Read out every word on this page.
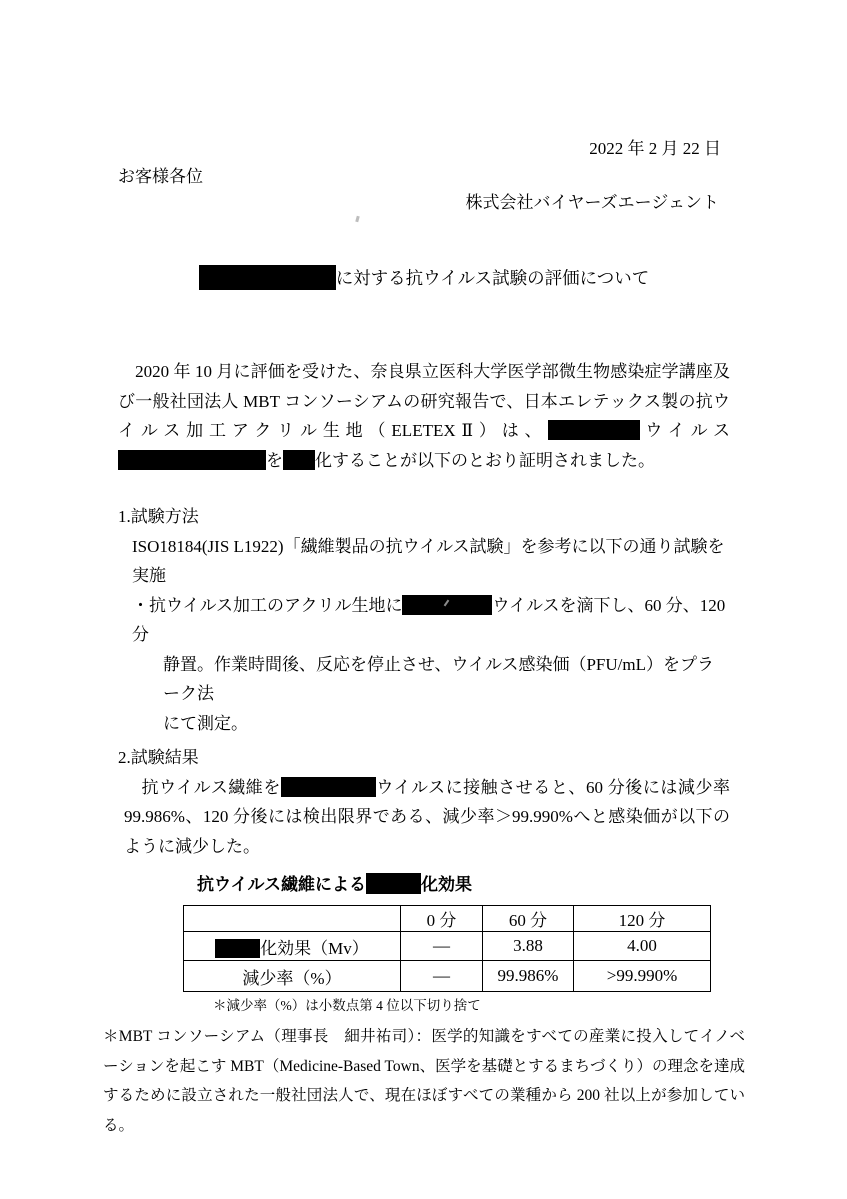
2022 年 2 月 22 日
お客様各位
株式会社バイヤーズエージェント
に対する抗ウイルス試験の評価について

　2020 年 10 月に評価を受けた、奈良県立医科大学医学部微生物感染症学講座及び一般社団法人 MBT コンソーシアムの研究報告で、日本エレテックス製の抗ウイルス加工アクリル生地（ELETEXⅡ）は、	ウイルスを 化することが以下のとおり証明されました。

1.試験方法

ISO18184(JIS L1922)「繊維製品の抗ウイルス試験」を参考に以下の通り試験を実施

・抗ウイルス加工のアクリル生地に	ウイルスを滴下し、60 分、120 分

静置。作業時間後、反応を停止させ、ウイルス感染価（PFU/mL）をプラーク法

にて測定。

2.試験結果

　抗ウイルス繊維を	ウイルスに接触させると、60 分後には減少率99.986%、120 分後には検出限界である、減少率＞99.990%へと感染価が以下のように減少した。

抗ウイルス繊維による	化効果
	0 分	60 分	120 分
化効果（Mv）	―	3.88	4.00
減少率（%）	―	99.986%	>99.990%
＊減少率（%）は小数点第 4 位以下切り捨て

＊MBT コンソーシアム（理事長　細井祐司）：医学的知識をすべての産業に投入してイノベーションを起こす MBT（Medicine-Based Town、医学を基礎とするまちづくり）の理念を達成するために設立された一般社団法人で、現在ほぼすべての業種から 200 社以上が参加している。
